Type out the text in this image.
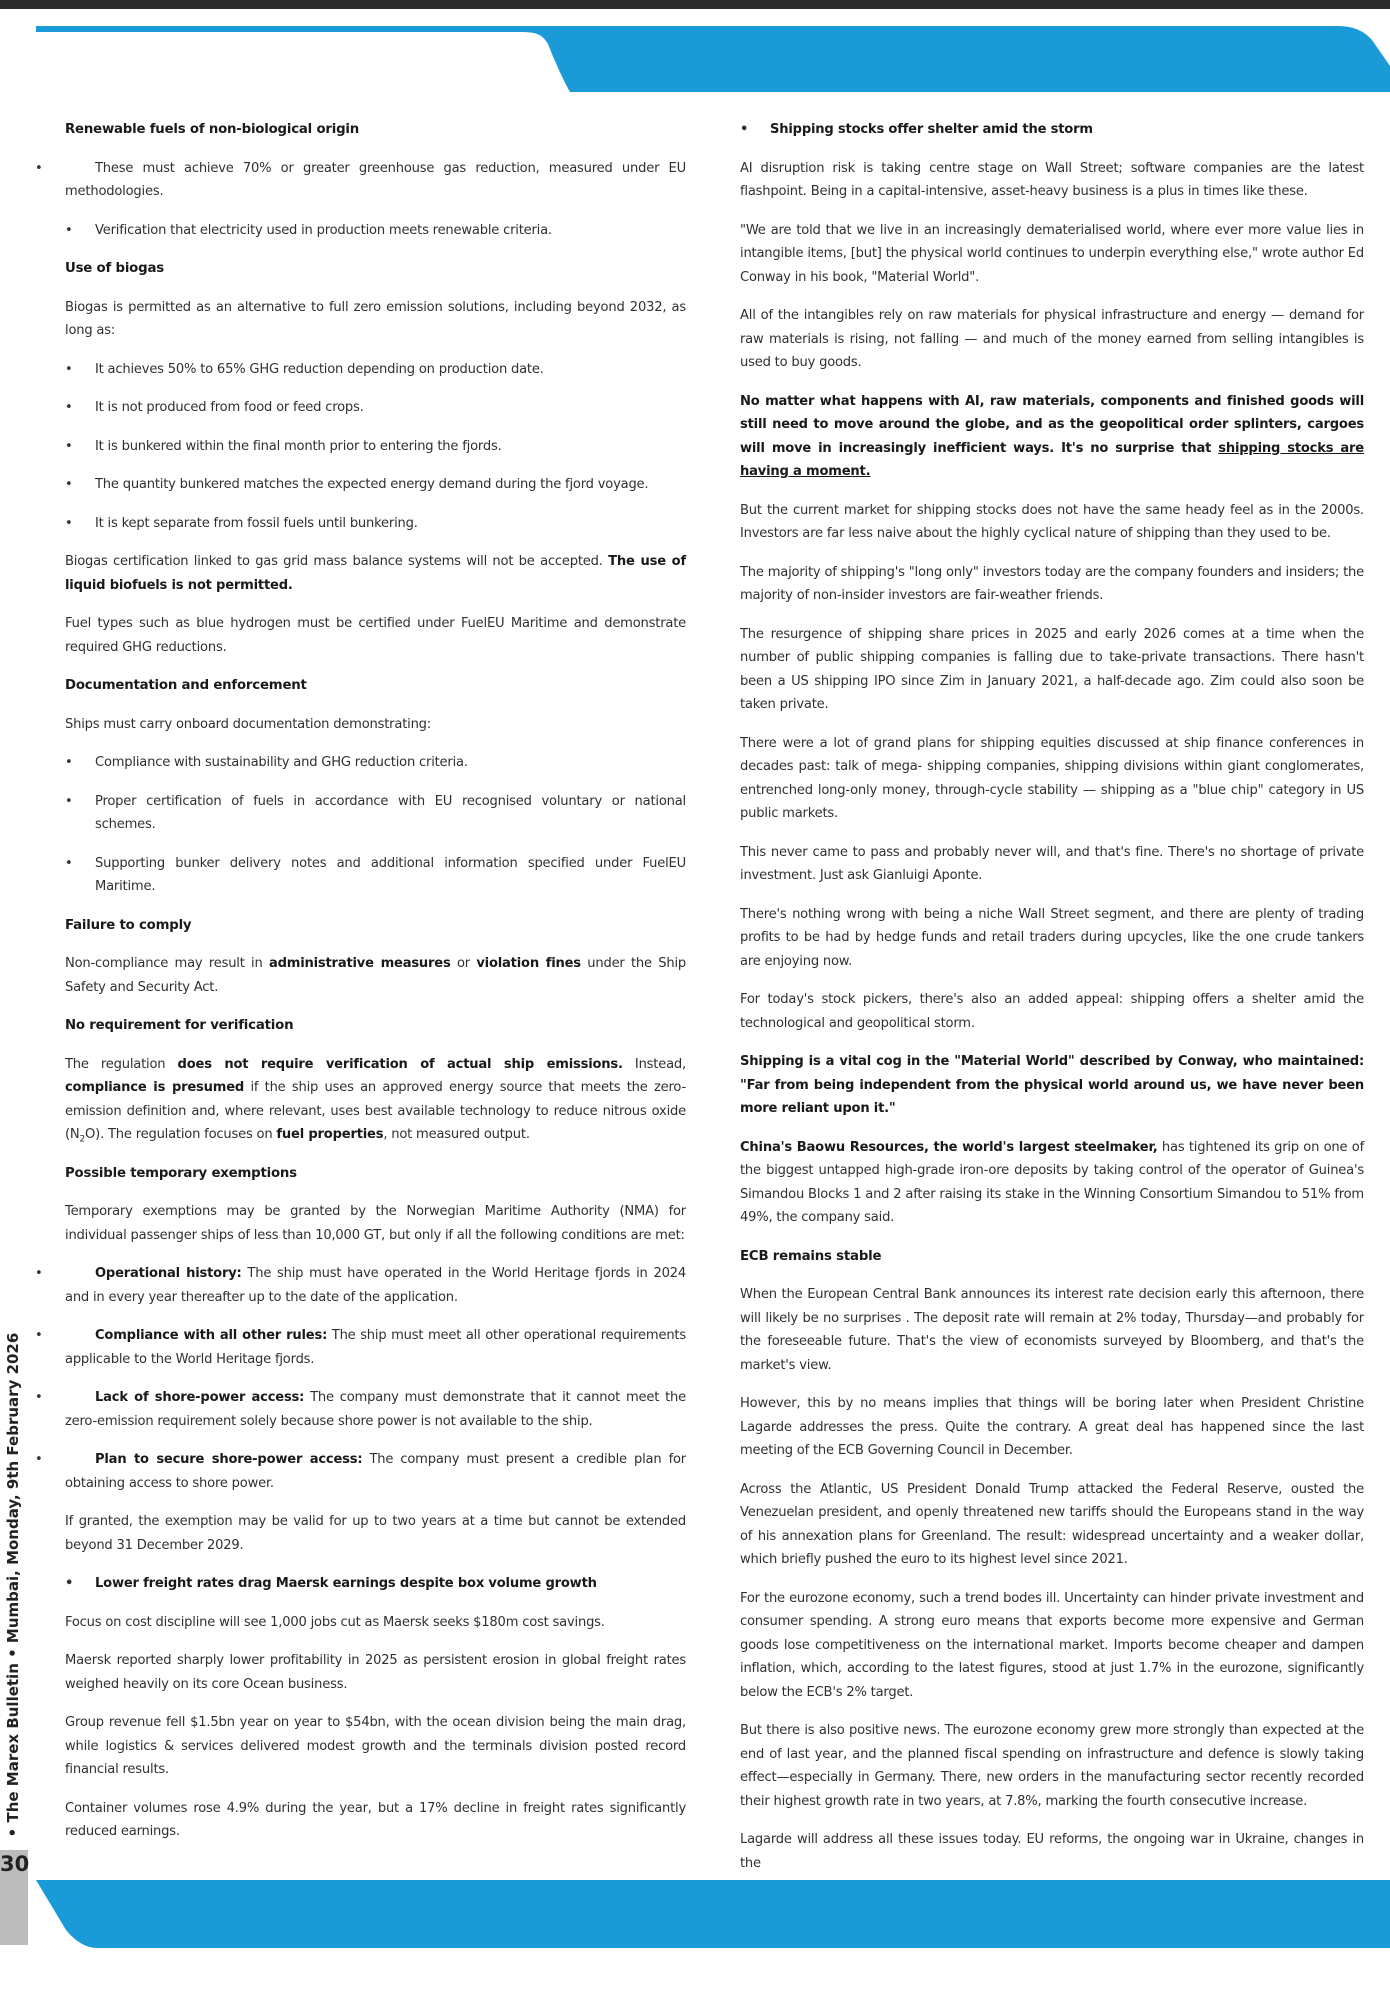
• The Marex Bulletin • Mumbai, Monday, 9th February 2026
30
Renewable fuels of non-biological origin

• These must achieve 70% or greater greenhouse gas reduction, measured under EU methodologies.

• Verification that electricity used in production meets renewable criteria.

Use of biogas

Biogas is permitted as an alternative to full zero emission solutions, including beyond 2032, as long as:

• It achieves 50% to 65% GHG reduction depending on production date.

• It is not produced from food or feed crops.

• It is bunkered within the final month prior to entering the fjords.

• The quantity bunkered matches the expected energy demand during the fjord voyage.

• It is kept separate from fossil fuels until bunkering.

Biogas certification linked to gas grid mass balance systems will not be accepted. The use of liquid biofuels is not permitted.

Fuel types such as blue hydrogen must be certified under FuelEU Maritime and demonstrate required GHG reductions.

Documentation and enforcement

Ships must carry onboard documentation demonstrating:

• Compliance with sustainability and GHG reduction criteria.

• Proper certification of fuels in accordance with EU recognised voluntary or national schemes.

• Supporting bunker delivery notes and additional information specified under FuelEU Maritime.

Failure to comply

Non-compliance may result in administrative measures or violation fines under the Ship Safety and Security Act.

No requirement for verification

The regulation does not require verification of actual ship emissions. Instead, compliance is presumed if the ship uses an approved energy source that meets the zero-emission definition and, where relevant, uses best available technology to reduce nitrous oxide $(N_2O)$. The regulation focuses on fuel properties, not measured output.

Possible temporary exemptions

Temporary exemptions may be granted by the Norwegian Maritime Authority (NMA) for individual passenger ships of less than 10,000 GT, but only if all the following conditions are met:

• Operational history: The ship must have operated in the World Heritage fjords in 2024 and in every year thereafter up to the date of the application.

• Compliance with all other rules: The ship must meet all other operational requirements applicable to the World Heritage fjords.

• Lack of shore-power access: The company must demonstrate that it cannot meet the zero-emission requirement solely because shore power is not available to the ship.

• Plan to secure shore-power access: The company must present a credible plan for obtaining access to shore power.

If granted, the exemption may be valid for up to two years at a time but cannot be extended beyond 31 December 2029.

• Lower freight rates drag Maersk earnings despite box volume growth

Focus on cost discipline will see 1,000 jobs cut as Maersk seeks $180m cost savings.

Maersk reported sharply lower profitability in 2025 as persistent erosion in global freight rates weighed heavily on its core Ocean business.

Group revenue fell $1.5bn year on year to $54bn, with the ocean division being the main drag, while logistics & services delivered modest growth and the terminals division posted record financial results.

Container volumes rose 4.9% during the year, but a 17% decline in freight rates significantly reduced earnings.

• Shipping stocks offer shelter amid the storm

AI disruption risk is taking centre stage on Wall Street; software companies are the latest flashpoint. Being in a capital-intensive, asset-heavy business is a plus in times like these.

"We are told that we live in an increasingly dematerialised world, where ever more value lies in intangible items, [but] the physical world continues to underpin everything else," wrote author Ed Conway in his book, "Material World".

All of the intangibles rely on raw materials for physical infrastructure and energy — demand for raw materials is rising, not falling — and much of the money earned from selling intangibles is used to buy goods.

No matter what happens with AI, raw materials, components and finished goods will still need to move around the globe, and as the geopolitical order splinters, cargoes will move in increasingly inefficient ways. It's no surprise that shipping stocks are having a moment.

But the current market for shipping stocks does not have the same heady feel as in the 2000s. Investors are far less naive about the highly cyclical nature of shipping than they used to be.

The majority of shipping's "long only" investors today are the company founders and insiders; the majority of non-insider investors are fair-weather friends.

The resurgence of shipping share prices in 2025 and early 2026 comes at a time when the number of public shipping companies is falling due to take-private transactions. There hasn't been a US shipping IPO since Zim in January 2021, a half-decade ago. Zim could also soon be taken private.

There were a lot of grand plans for shipping equities discussed at ship finance conferences in decades past: talk of mega- shipping companies, shipping divisions within giant conglomerates, entrenched long-only money, through-cycle stability — shipping as a "blue chip" category in US public markets.

This never came to pass and probably never will, and that's fine. There's no shortage of private investment. Just ask Gianluigi Aponte.

There's nothing wrong with being a niche Wall Street segment, and there are plenty of trading profits to be had by hedge funds and retail traders during upcycles, like the one crude tankers are enjoying now.

For today's stock pickers, there's also an added appeal: shipping offers a shelter amid the technological and geopolitical storm.

Shipping is a vital cog in the "Material World" described by Conway, who maintained: "Far from being independent from the physical world around us, we have never been more reliant upon it."

China's Baowu Resources, the world's largest steelmaker, has tightened its grip on one of the biggest untapped high-grade iron-ore deposits by taking control of the operator of Guinea's Simandou Blocks 1 and 2 after raising its stake in the Winning Consortium Simandou to 51% from 49%, the company said.

ECB remains stable

When the European Central Bank announces its interest rate decision early this afternoon, there will likely be no surprises . The deposit rate will remain at 2% today, Thursday—and probably for the foreseeable future. That's the view of economists surveyed by Bloomberg, and that's the market's view.

However, this by no means implies that things will be boring later when President Christine Lagarde addresses the press. Quite the contrary. A great deal has happened since the last meeting of the ECB Governing Council in December.

Across the Atlantic, US President Donald Trump attacked the Federal Reserve, ousted the Venezuelan president, and openly threatened new tariffs should the Europeans stand in the way of his annexation plans for Greenland. The result: widespread uncertainty and a weaker dollar, which briefly pushed the euro to its highest level since 2021.

For the eurozone economy, such a trend bodes ill. Uncertainty can hinder private investment and consumer spending. A strong euro means that exports become more expensive and German goods lose competitiveness on the international market. Imports become cheaper and dampen inflation, which, according to the latest figures, stood at just 1.7% in the eurozone, significantly below the ECB's 2% target.

But there is also positive news. The eurozone economy grew more strongly than expected at the end of last year, and the planned fiscal spending on infrastructure and defence is slowly taking effect—especially in Germany. There, new orders in the manufacturing sector recently recorded their highest growth rate in two years, at 7.8%, marking the fourth consecutive increase.

Lagarde will address all these issues today. EU reforms, the ongoing war in Ukraine, changes in the
